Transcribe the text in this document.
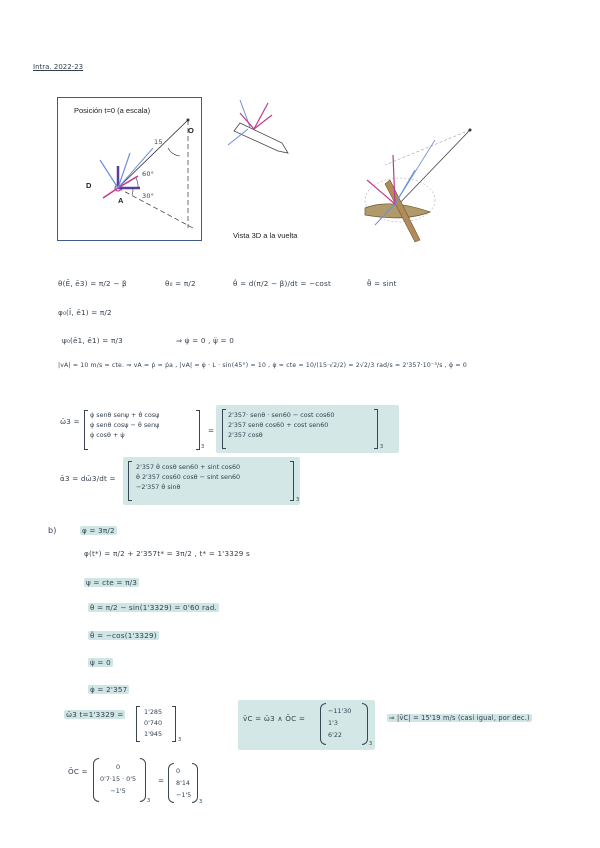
Intra. 2022-23
Posición t=0 (a escala)
O
D
A
60°
30°
15
Vista 3D a la vuelta
θ(Ē, ē3) = π/2 − β	θ₀ = π/2	θ̇ = d(π/2 − β)/dt = −cost	θ̈ = sint
φ₀(Ī, ē1) = π/2
ψ₀(ē1, ē1) = π/3	⇒ ψ̇ = 0 , ψ̈ = 0
|vA| = 10 m/s = cte. ⇒ vA = ṗ = ṗa , |vA| = φ̇ · L · sin(45°) = 10 , φ̇ = cte = 10/(15·√2/2) = 2√2/3 rad/s = 2'357·10⁻³/s , φ̈ = 0
ω̄3 =
φ̇ senθ senψ + θ̇ cosψ
φ̇ senθ cosψ − θ̇ senψ
φ̇ cosθ + ψ̇
3
=
2'357· senθ · sen60 − cost cos60
2'357 senθ cos60 + cost sen60
2'357 cosθ
3
ᾱ3 = dω̄3/dt =
2'357 θ̇ cosθ sen60 + sint cos60
θ̇ 2'357 cos60 cosθ − sint sen60
−2'357 θ̇ sinθ
3
b)	φ = 3π/2
φ(t*) = π/2 + 2'357t* = 3π/2 , t* = 1'3329 s
ψ = cte = π/3
θ = π/2 − sin(1'3329) = 0'60 rad.
θ̇ = −cos(1'3329)
ψ̇ = 0
φ̇ = 2'357
ω̄3 t=1'3329 =	1'285
0'740
1'945
3
v̄C = ω̄3 ∧ ŌC =
−11'30
1'3
6'22
3
⇒ |v̄C| = 15'19 m/s (casi igual, por dec.)
ŌC =	0
0'7·15 · 0'5
−1'5
3
=
0
8'14
−1'5
3
